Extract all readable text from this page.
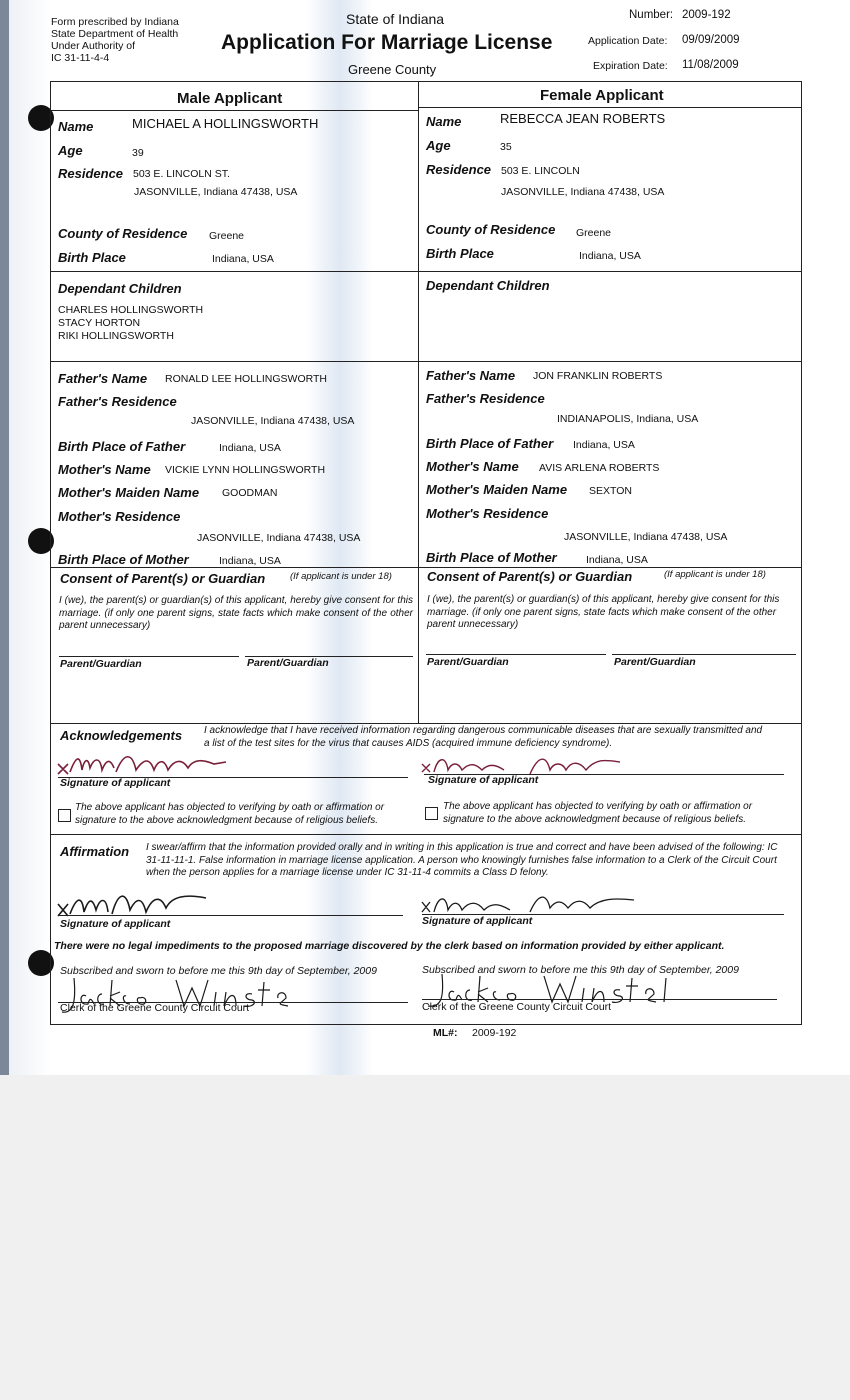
Form prescribed by Indiana
State Department of Health
Under Authority of
IC 31-11-4-4
State of Indiana
Application For Marriage License
Greene County
Number: 2009-192
Application Date: 09/09/2009
Expiration Date: 11/08/2009
Male Applicant	Female Applicant
Name	MICHAEL A HOLLINGSWORTH
Age	39
Residence 503 E. LINCOLN ST.
JASONVILLE, Indiana 47438, USA
County of Residence Greene
Birth Place	Indiana, USA
Name	REBECCA JEAN ROBERTS
Age	35
Residence 503 E. LINCOLN
JASONVILLE, Indiana 47438, USA
County of Residence Greene
Birth Place	Indiana, USA
Dependant Children
CHARLES HOLLINGSWORTH
STACY HORTON
RIKI HOLLINGSWORTH
Dependant Children
Father's Name RONALD LEE HOLLINGSWORTH
Father's Residence
JASONVILLE, Indiana 47438, USA
Birth Place of Father	Indiana, USA
Mother's Name VICKIE LYNN HOLLINGSWORTH
Mother's Maiden Name GOODMAN
Mother's Residence
JASONVILLE, Indiana 47438, USA
Birth Place of Mother	Indiana, USA
Father's Name JON FRANKLIN ROBERTS
Father's Residence
INDIANAPOLIS, Indiana, USA
Birth Place of Father Indiana, USA
Mother's Name AVIS ARLENA ROBERTS
Mother's Maiden Name SEXTON
Mother's Residence
JASONVILLE, Indiana 47438, USA
Birth Place of Mother	Indiana, USA
Consent of Parent(s) or Guardian	(If applicant is under 18)
I (we), the parent(s) or guardian(s) of this applicant, hereby give consent for this marriage. (if only one parent signs, state facts which make consent of the other parent unnecessary)
Parent/Guardian	Parent/Guardian
Consent of Parent(s) or Guardian	(If applicant is under 18)
I (we), the parent(s) or guardian(s) of this applicant, hereby give consent for this marriage. (if only one parent signs, state facts which make consent of the other parent unnecessary)
Parent/Guardian	Parent/Guardian
Acknowledgements I acknowledge that I have received information regarding dangerous communicable diseases that are sexually transmitted and a list of the test sites for the virus that causes AIDS (acquired immune deficiency syndrome).
Signature of applicant	Signature of applicant
The above applicant has objected to verifying by oath or affirmation or signature to the above acknowledgment because of religious beliefs.
The above applicant has objected to verifying by oath or affirmation or signature to the above acknowledgment because of religious beliefs.
Affirmation I swear/affirm that the information provided orally and in writing in this application is true and correct and have been advised of the following: IC 31-11-11-1. False information in marriage license application. A person who knowingly furnishes false information to a Clerk of the Circuit Court when the person applies for a marriage license under IC 31-11-4 commits a Class D felony.
Signature of applicant	Signature of applicant
There were no legal impediments to the proposed marriage discovered by the clerk based on information provided by either applicant.
Subscribed and sworn to before me this 9th day of September, 2009	Subscribed and sworn to before me this 9th day of September, 2009
Clerk of the Greene County Circuit Court	Clerk of the Greene County Circuit Court
ML#: 2009-192
